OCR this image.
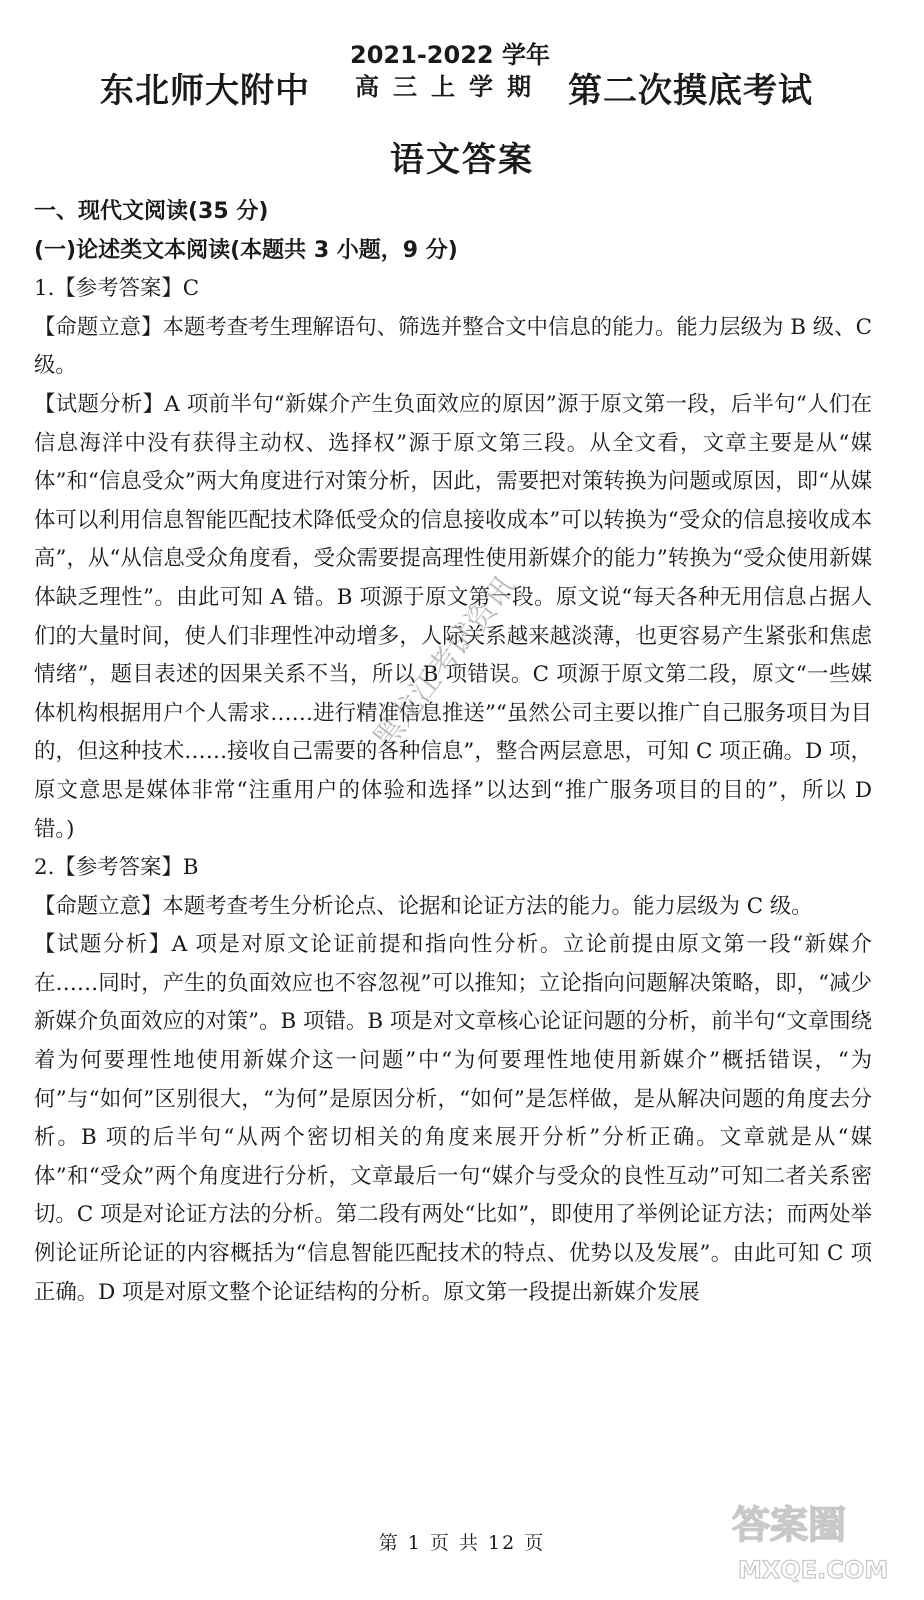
东北师大附中
2021-2022 学年
高三上学期 第二次摸底考试
语文答案

一、现代文阅读(35 分)

(一)论述类文本阅读(本题共 3 小题，9 分)

1.【参考答案】C

【命题立意】本题考查考生理解语句、筛选并整合文中信息的能力。能力层级为 B 级、C 级。

【试题分析】A 项前半句“新媒介产生负面效应的原因”源于原文第一段，后半句“人们在信息海洋中没有获得主动权、选择权”源于原文第三段。从全文看，文章主要是从“媒体”和“信息受众”两大角度进行对策分析，因此，需要把对策转换为问题或原因，即“从媒体可以利用信息智能匹配技术降低受众的信息接收成本”可以转换为“受众的信息接收成本高”，从“从信息受众角度看，受众需要提高理性使用新媒介的能力”转换为“受众使用新媒体缺乏理性”。由此可知 A 错。B 项源于原文第一段。原文说“每天各种无用信息占据人们的大量时间，使人们非理性冲动增多，人际关系越来越淡薄，也更容易产生紧张和焦虑情绪”，题目表述的因果关系不当，所以 B 项错误。C 项源于原文第二段，原文“一些媒体机构根据用户个人需求……进行精准信息推送”“虽然公司主要以推广自己服务项目为目的，但这种技术……接收自己需要的各种信息”，整合两层意思，可知 C 项正确。D 项，原文意思是媒体非常“注重用户的体验和选择”以达到“推广服务项目的目的”，所以 D 错。)

2.【参考答案】B

【命题立意】本题考查考生分析论点、论据和论证方法的能力。能力层级为 C 级。

【试题分析】A 项是对原文论证前提和指向性分析。立论前提由原文第一段“新媒介在……同时，产生的负面效应也不容忽视”可以推知；立论指向问题解决策略，即，“减少新媒介负面效应的对策”。B 项错。B 项是对文章核心论证问题的分析，前半句“文章围绕着为何要理性地使用新媒介这一问题”中“为何要理性地使用新媒介”概括错误，“为何”与“如何”区别很大，“为何”是原因分析，“如何”是怎样做，是从解决问题的角度去分析。B 项的后半句“从两个密切相关的角度来展开分析”分析正确。文章就是从“媒体”和“受众”两个角度进行分析，文章最后一句“媒介与受众的良性互动”可知二者关系密切。C 项是对论证方法的分析。第二段有两处“比如”，即使用了举例论证方法；而两处举例论证所论证的内容概括为“信息智能匹配技术的特点、优势以及发展”。由此可知 C 项正确。D 项是对原文整个论证结构的分析。原文第一段提出新媒介发展

黑龙江考试资讯
答案圈
MXQE.COM
第 1 页 共 12 页
